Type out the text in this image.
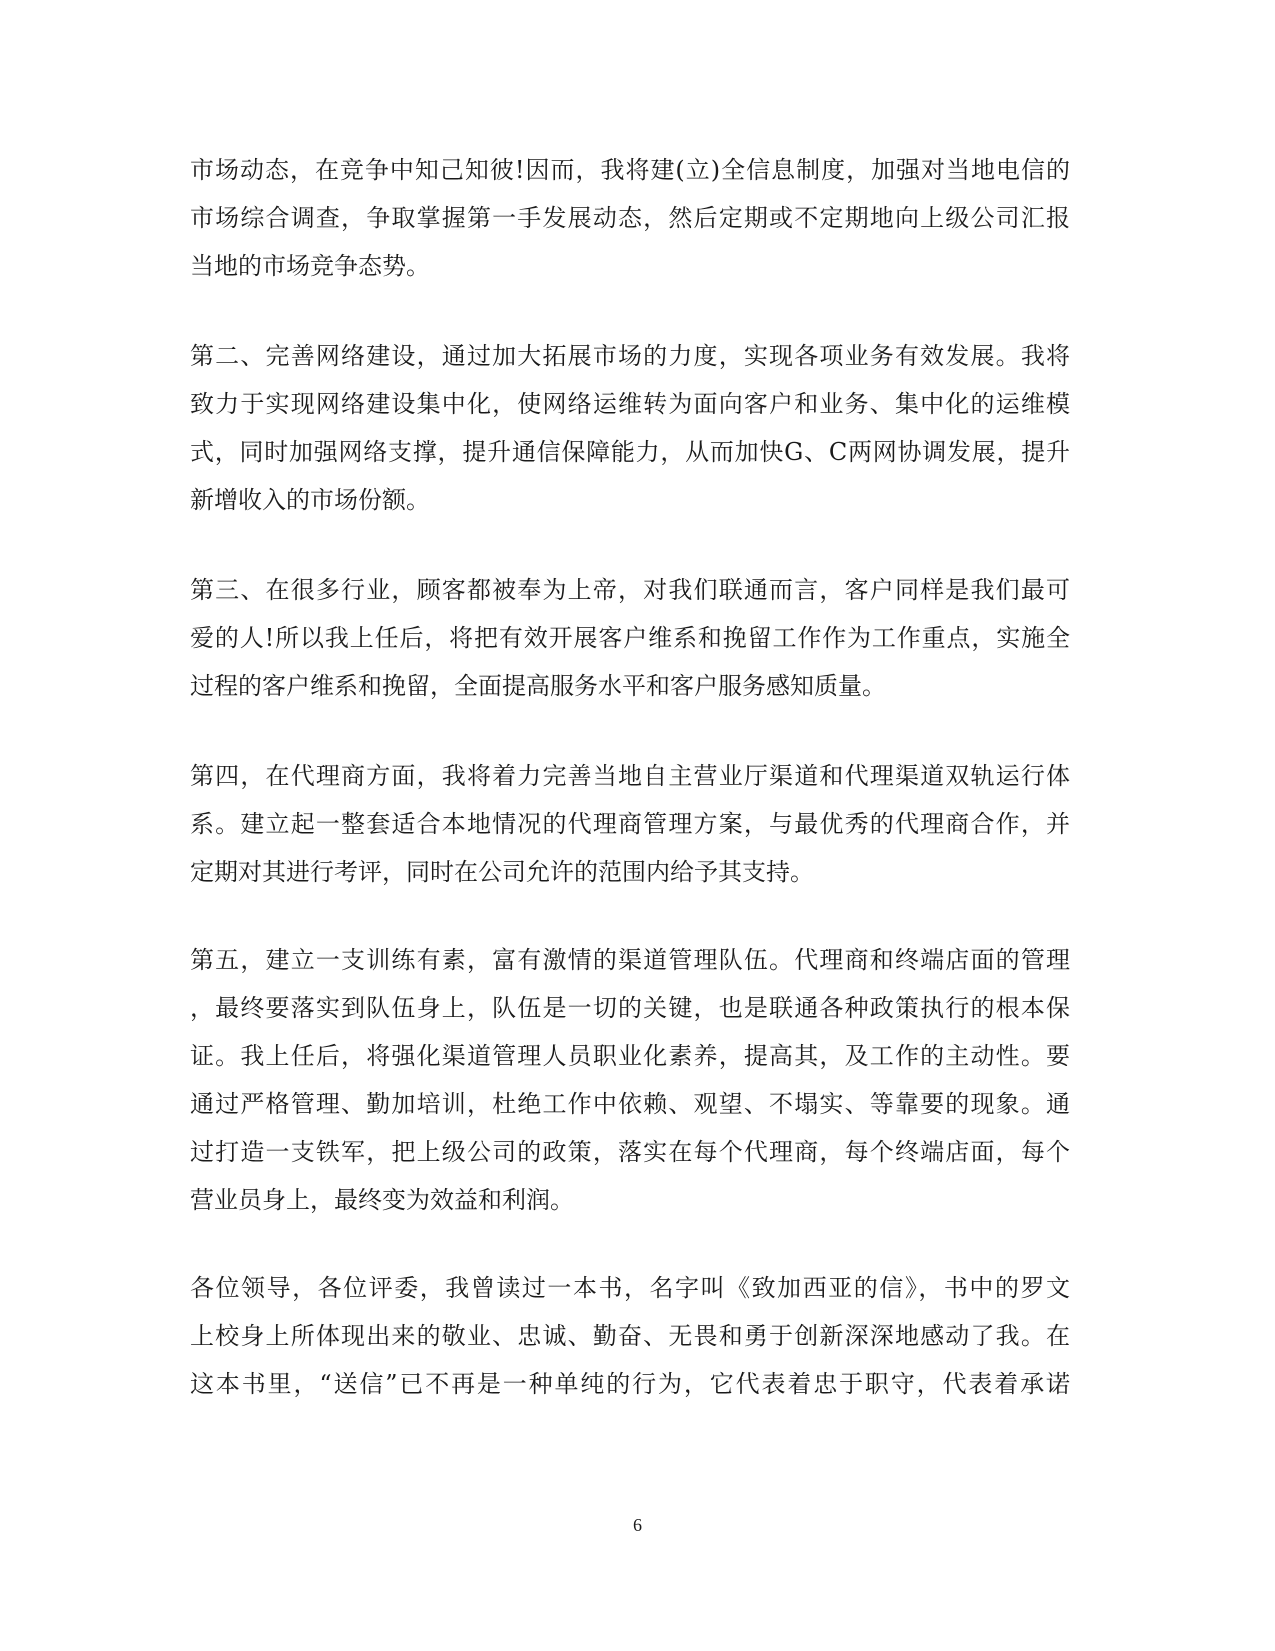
市场动态，在竞争中知己知彼!因而，我将建(立)全信息制度，加强对当地电信的
市场综合调查，争取掌握第一手发展动态，然后定期或不定期地向上级公司汇报
当地的市场竞争态势。
第二、完善网络建设，通过加大拓展市场的力度，实现各项业务有效发展。我将
致力于实现网络建设集中化，使网络运维转为面向客户和业务、集中化的运维模
式，同时加强网络支撑，提升通信保障能力，从而加快G、C两网协调发展，提升
新增收入的市场份额。
第三、在很多行业，顾客都被奉为上帝，对我们联通而言，客户同样是我们最可
爱的人!所以我上任后，将把有效开展客户维系和挽留工作作为工作重点，实施全
过程的客户维系和挽留，全面提高服务水平和客户服务感知质量。
第四，在代理商方面，我将着力完善当地自主营业厅渠道和代理渠道双轨运行体
系。建立起一整套适合本地情况的代理商管理方案，与最优秀的代理商合作，并
定期对其进行考评，同时在公司允许的范围内给予其支持。
第五，建立一支训练有素，富有激情的渠道管理队伍。代理商和终端店面的管理
，最终要落实到队伍身上，队伍是一切的关键，也是联通各种政策执行的根本保
证。我上任后，将强化渠道管理人员职业化素养，提高其，及工作的主动性。要
通过严格管理、勤加培训，杜绝工作中依赖、观望、不塌实、等靠要的现象。通
过打造一支铁军，把上级公司的政策，落实在每个代理商，每个终端店面，每个
营业员身上，最终变为效益和利润。
各位领导，各位评委，我曾读过一本书，名字叫《致加西亚的信》，书中的罗文
上校身上所体现出来的敬业、忠诚、勤奋、无畏和勇于创新深深地感动了我。在
这本书里，“送信”已不再是一种单纯的行为，它代表着忠于职守，代表着承诺
6
